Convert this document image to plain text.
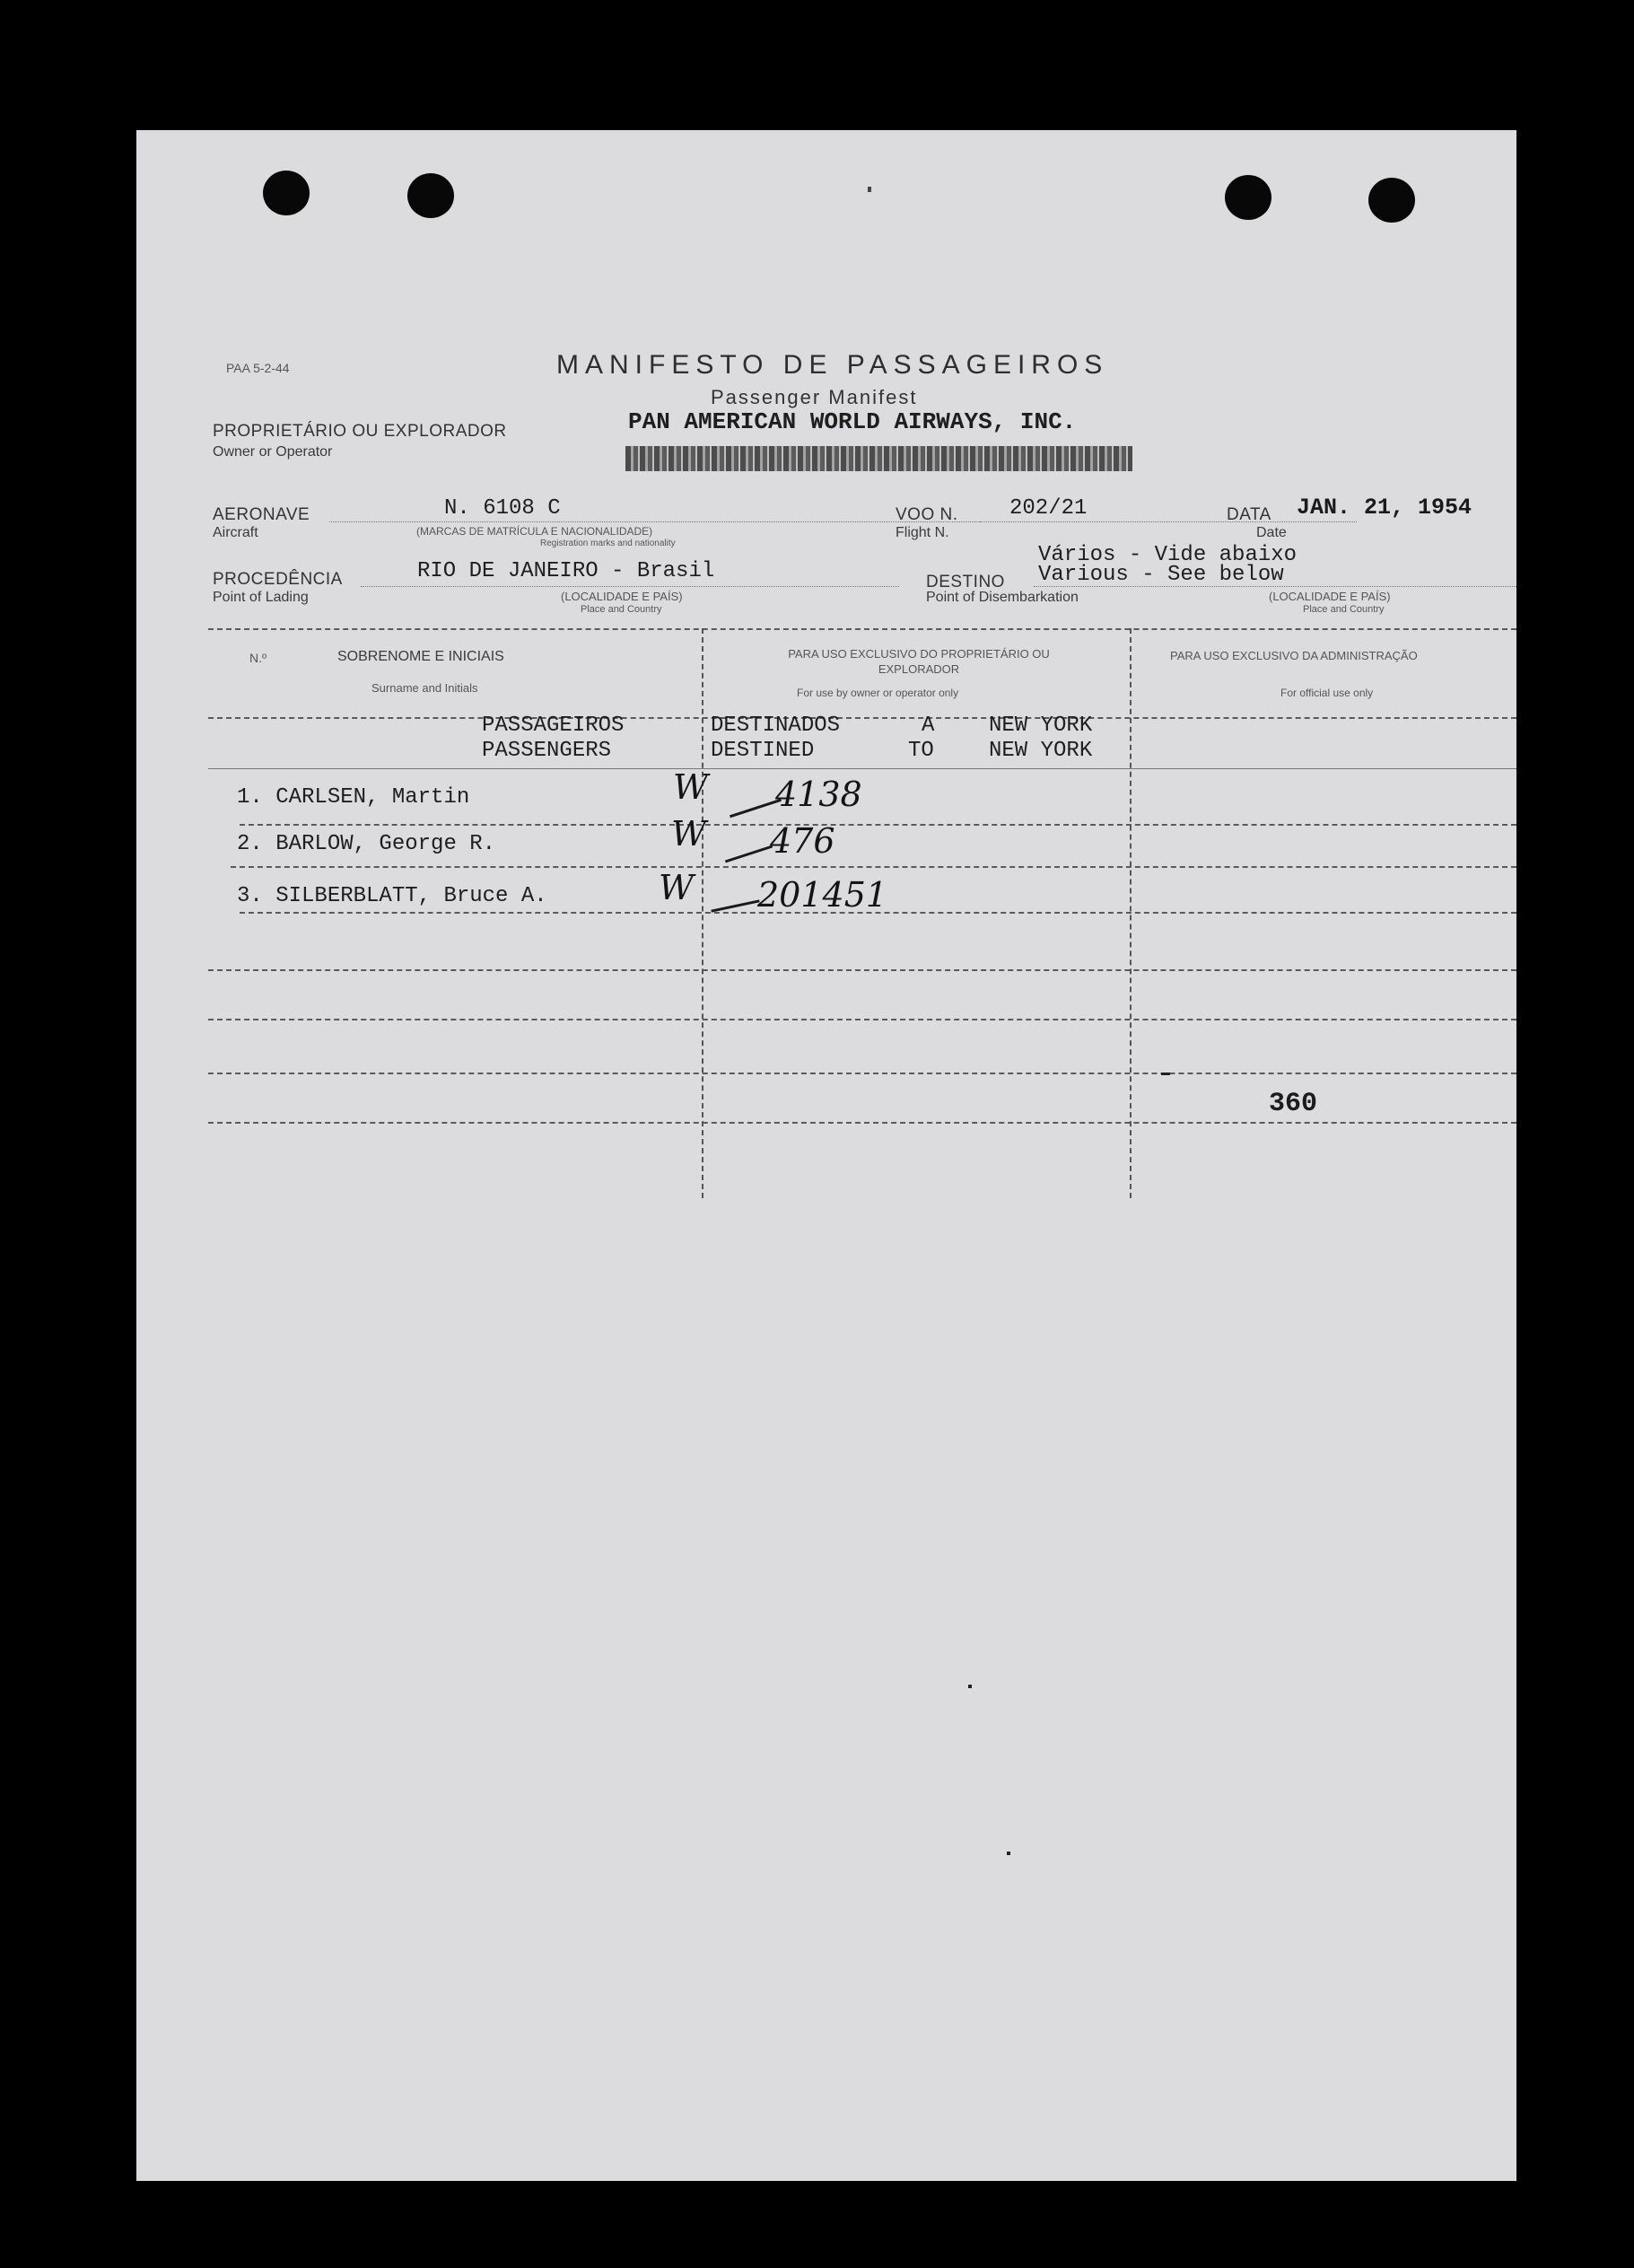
PAA 5-2-44	MANIFESTO DE PASSAGEIROS
Passenger Manifest
PAN AMERICAN WORLD AIRWAYS, INC.
PROPRIETÁRIO OU EXPLORADOR
Owner or Operator
AERONAVE
Aircraft
N. 6108 C
(MARCAS DE MATRÍCULA E NACIONALIDADE)
Registration marks and nationality
VOO N.
Flight N.
202/21	DATA
Date
JAN. 21, 1954
PROCEDÊNCIA
Point of Lading
RIO DE JANEIRO - Brasil
(LOCALIDADE E PAÍS)
Place and Country
Vários - Vide abaixo
Various - See below
DESTINO
Point of Disembarkation	(LOCALIDADE E PAÍS)
Place and Country
N.º	SOBRENOME E INICIAIS
Surname and Initials
PARA USO EXCLUSIVO DO PROPRIETÁRIO OU EXPLORADOR
For use by owner or operator only
PARA USO EXCLUSIVO DA ADMINISTRAÇÃO
For official use only
PASSAGEIROS
PASSENGERS
DESTINADOS	A	NEW YORK
DESTINED	TO	NEW YORK
1. CARLSEN, Martin	W 4138
2. BARLOW, George R.	W 476
3. SILBERBLATT, Bruce A.	W 201451
360
